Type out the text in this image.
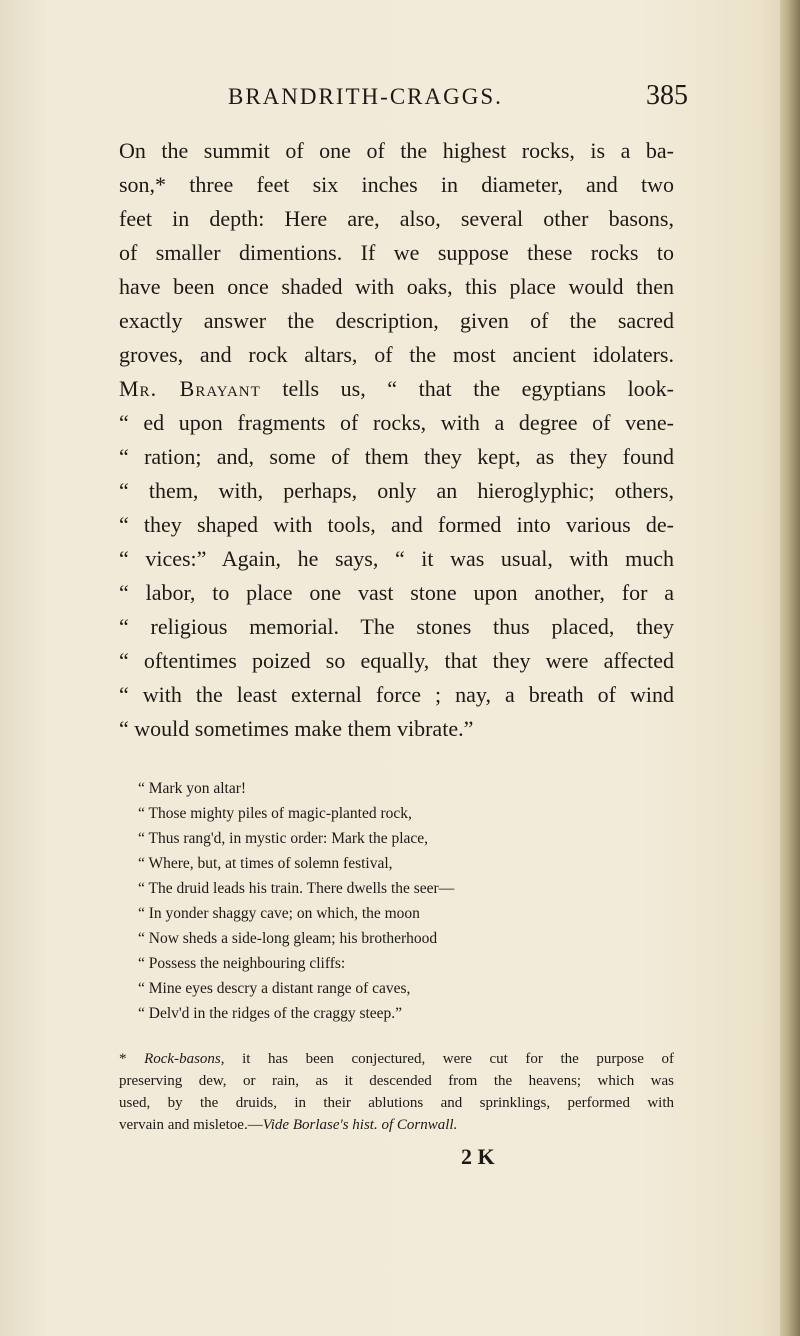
BRANDRITH-CRAGGS.	385
On the summit of one of the highest rocks, is a ba-
son,* three feet six inches in diameter, and two
feet in depth: Here are, also, several other basons,
of smaller dimentions. If we suppose these rocks to
have been once shaded with oaks, this place would then
exactly answer the description, given of the sacred
groves, and rock altars, of the most ancient idolaters.
Mr. Brayant tells us, “ that the egyptians look-
“ ed upon fragments of rocks, with a degree of vene-
“ ration; and, some of them they kept, as they found
“ them, with, perhaps, only an hieroglyphic; others,
“ they shaped with tools, and formed into various de-
“ vices:” Again, he says, “ it was usual, with much
“ labor, to place one vast stone upon another, for a
“ religious memorial. The stones thus placed, they
“ oftentimes poized so equally, that they were affected
“ with the least external force ; nay, a breath of wind
“ would sometimes make them vibrate.”
“ Mark yon altar!
“ Those mighty piles of magic-planted rock,
“ Thus rang'd, in mystic order: Mark the place,
“ Where, but, at times of solemn festival,
“ The druid leads his train. There dwells the seer—
“ In yonder shaggy cave; on which, the moon
“ Now sheds a side-long gleam; his brotherhood
“ Possess the neighbouring cliffs:
“ Mine eyes descry a distant range of caves,
“ Delv'd in the ridges of the craggy steep.”
* Rock-basons, it has been conjectured, were cut for the purpose of
preserving dew, or rain, as it descended from the heavens; which was
used, by the druids, in their ablutions and sprinklings, performed with
vervain and misletoe.—Vide Borlase's hist. of Cornwall.
2 K
